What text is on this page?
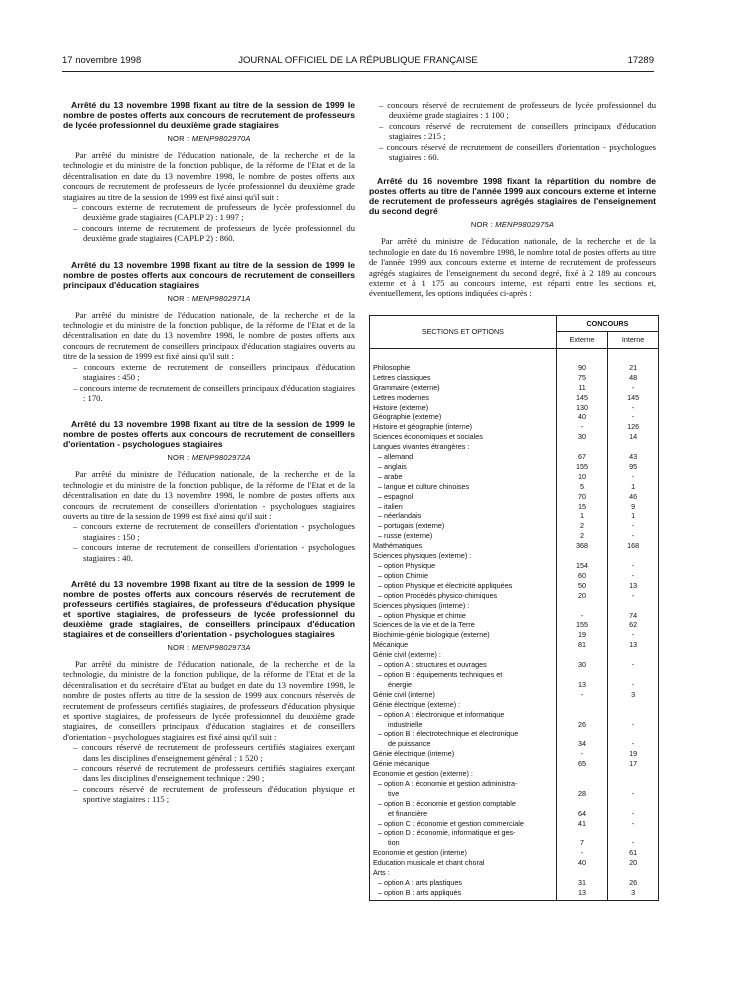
17 novembre 1998	JOURNAL OFFICIEL DE LA RÉPUBLIQUE FRANÇAISE	17289

Arrêté du 13 novembre 1998 fixant au titre de la session de 1999 le nombre de postes offerts aux concours de recrutement de professeurs de lycée professionnel du deuxième grade stagiaires

NOR : MENP9802970A

Par arrêté du ministre de l'éducation nationale, de la recherche et de la technologie et du ministre de la fonction publique, de la réforme de l'Etat et de la décentralisation en date du 13 novembre 1998, le nombre de postes offerts aux concours de recrutement de professeurs de lycée professionnel du deuxième grade stagiaires au titre de la session de 1999 est fixé ainsi qu'il suit :

– concours externe de recrutement de professeurs de lycée professionnel du deuxième grade stagiaires (CAPLP 2) : 1 997 ;

– concours interne de recrutement de professeurs de lycée professionnel du deuxième grade stagiaires (CAPLP 2) : 860.

Arrêté du 13 novembre 1998 fixant au titre de la session de 1999 le nombre de postes offerts aux concours de recrutement de conseillers principaux d'éducation stagiaires

NOR : MENP9802971A

Par arrêté du ministre de l'éducation nationale, de la recherche et de la technologie et du ministre de la fonction publique, de la réforme de l'Etat et de la décentralisation en date du 13 novembre 1998, le nombre de postes offerts aux concours de recrutement de conseillers principaux d'éducation stagiaires ouverts au titre de la session de 1999 est fixé ainsi qu'il suit :

– concours externe de recrutement de conseillers principaux d'éducation stagiaires : 450 ;

– concours interne de recrutement de conseillers principaux d'éducation stagiaires : 170.

Arrêté du 13 novembre 1998 fixant au titre de la session de 1999 le nombre de postes offerts aux concours de recrutement de conseillers d'orientation - psychologues stagiaires

NOR : MENP9802972A

Par arrêté du ministre de l'éducation nationale, de la recherche et de la technologie et du ministre de la fonction publique, de la réforme de l'Etat et de la décentralisation en date du 13 novembre 1998, le nombre de postes offerts aux concours de recrutement de conseillers d'orientation - psychologues stagiaires ouverts au titre de la session de 1999 est fixé ainsi qu'il suit :

– concours externe de recrutement de conseillers d'orientation - psychologues stagiaires : 150 ;

– concours interne de recrutement de conseillers d'orientation - psychologues stagiaires : 40.

Arrêté du 13 novembre 1998 fixant au titre de la session de 1999 le nombre de postes offerts aux concours réservés de recrutement de professeurs certifiés stagiaires, de professeurs d'éducation physique et sportive stagiaires, de professeurs de lycée professionnel du deuxième grade stagiaires, de conseillers principaux d'éducation stagiaires et de conseillers d'orientation - psychologues stagiaires

NOR : MENP9802973A

Par arrêté du ministre de l'éducation nationale, de la recherche et de la technologie, du ministre de la fonction publique, de la réforme de l'Etat et de la décentralisation et du secrétaire d'Etat au budget en date du 13 novembre 1998, le nombre de postes offerts au titre de la session de 1999 aux concours réservés de recrutement de professeurs certifiés stagiaires, de professeurs d'éducation physique et sportive stagiaires, de professeurs de lycée professionnel du deuxième grade stagiaires, de conseillers principaux d'éducation stagiaires et de conseillers d'orientation - psychologues stagiaires est fixé ainsi qu'il suit :

– concours réservé de recrutement de professeurs certifiés stagiaires exerçant dans les disciplines d'enseignement général : 1 520 ;

– concours réservé de recrutement de professeurs certifiés stagiaires exerçant dans les disciplines d'enseignement technique : 290 ;

– concours réservé de recrutement de professeurs d'éducation physique et sportive stagiaires : 115 ;

– concours réservé de recrutement de professeurs de lycée professionnel du deuxième grade stagiaires : 1 100 ;

– concours réservé de recrutement de conseillers principaux d'éducation stagiaires : 215 ;

– concours réservé de recrutement de conseillers d'orientation - psychologues stagiaires : 60.

Arrêté du 16 novembre 1998 fixant la répartition du nombre de postes offerts au titre de l'année 1999 aux concours externe et interne de recrutement de professeurs agrégés stagiaires de l'enseignement du second degré

NOR : MENP9802975A

Par arrêté du ministre de l'éducation nationale, de la recherche et de la technologie en date du 16 novembre 1998, le nombre total de postes offerts au titre de l'année 1999 aux concours externe et interne de recrutement de professeurs agrégés stagiaires de l'enseignement du second degré, fixé à 2 189 au concours externe et à 1 175 au concours interne, est réparti entre les sections et, éventuellement, les options indiquées ci-après :

SECTIONS ET OPTIONS	CONCOURS	
	Externe	Interne

Philosophie	90	21

Lettres classiques	75	48

Grammaire (externe)	11	-

Lettres modernes	145	145

Histoire (externe)	130	-

Géographie (externe)	40	-

Histoire et géographie (interne)	-	126

Sciences économiques et sociales	30	14

Langues vivantes étrangères :		

– allemand	67	43

– anglais	155	95

– arabe	10	-

– langue et culture chinoises	5	1

– espagnol	70	46

– italien	15	9

– néerlandais	1	1

– portugais (externe)	2	-

– russe (externe)	2	-

Mathématiques	368	168

Sciences physiques (externe) :		

– option Physique	154	-

– option Chimie	60	-

– option Physique et électricité appliquées	50	13

– option Procédés physico-chimiques	20	-

Sciences physiques (interne) :		

– option Physique et chimie	-	74

Sciences de la vie et de la Terre	155	62

Biochimie-génie biologique (externe)	19	-

Mécanique	81	13

Génie civil (externe) :		

– option A : structures et ouvrages	30	-

– option B : équipements techniques et		

énergie	13	-

Génie civil (interne)	-	3

Génie électrique (externe) :		

– option A : électronique et informatique		

industrielle	26	-

– option B : électrotechnique et électronique		

de puissance	34	-

Génie électrique (interne)	-	19

Génie mécanique	65	17

Economie et gestion (externe) :		

– option A : économie et gestion administra-		

tive	28	-

– option B : économie et gestion comptable		

et financière	64	-

– option C : économie et gestion commerciale	41	-

– option D : économie, informatique et ges-		

tion	7	-

Economie et gestion (interne)	-	61

Education musicale et chant choral	40	20

Arts :		

– option A : arts plastiques	31	26

– option B : arts appliqués	13	3
